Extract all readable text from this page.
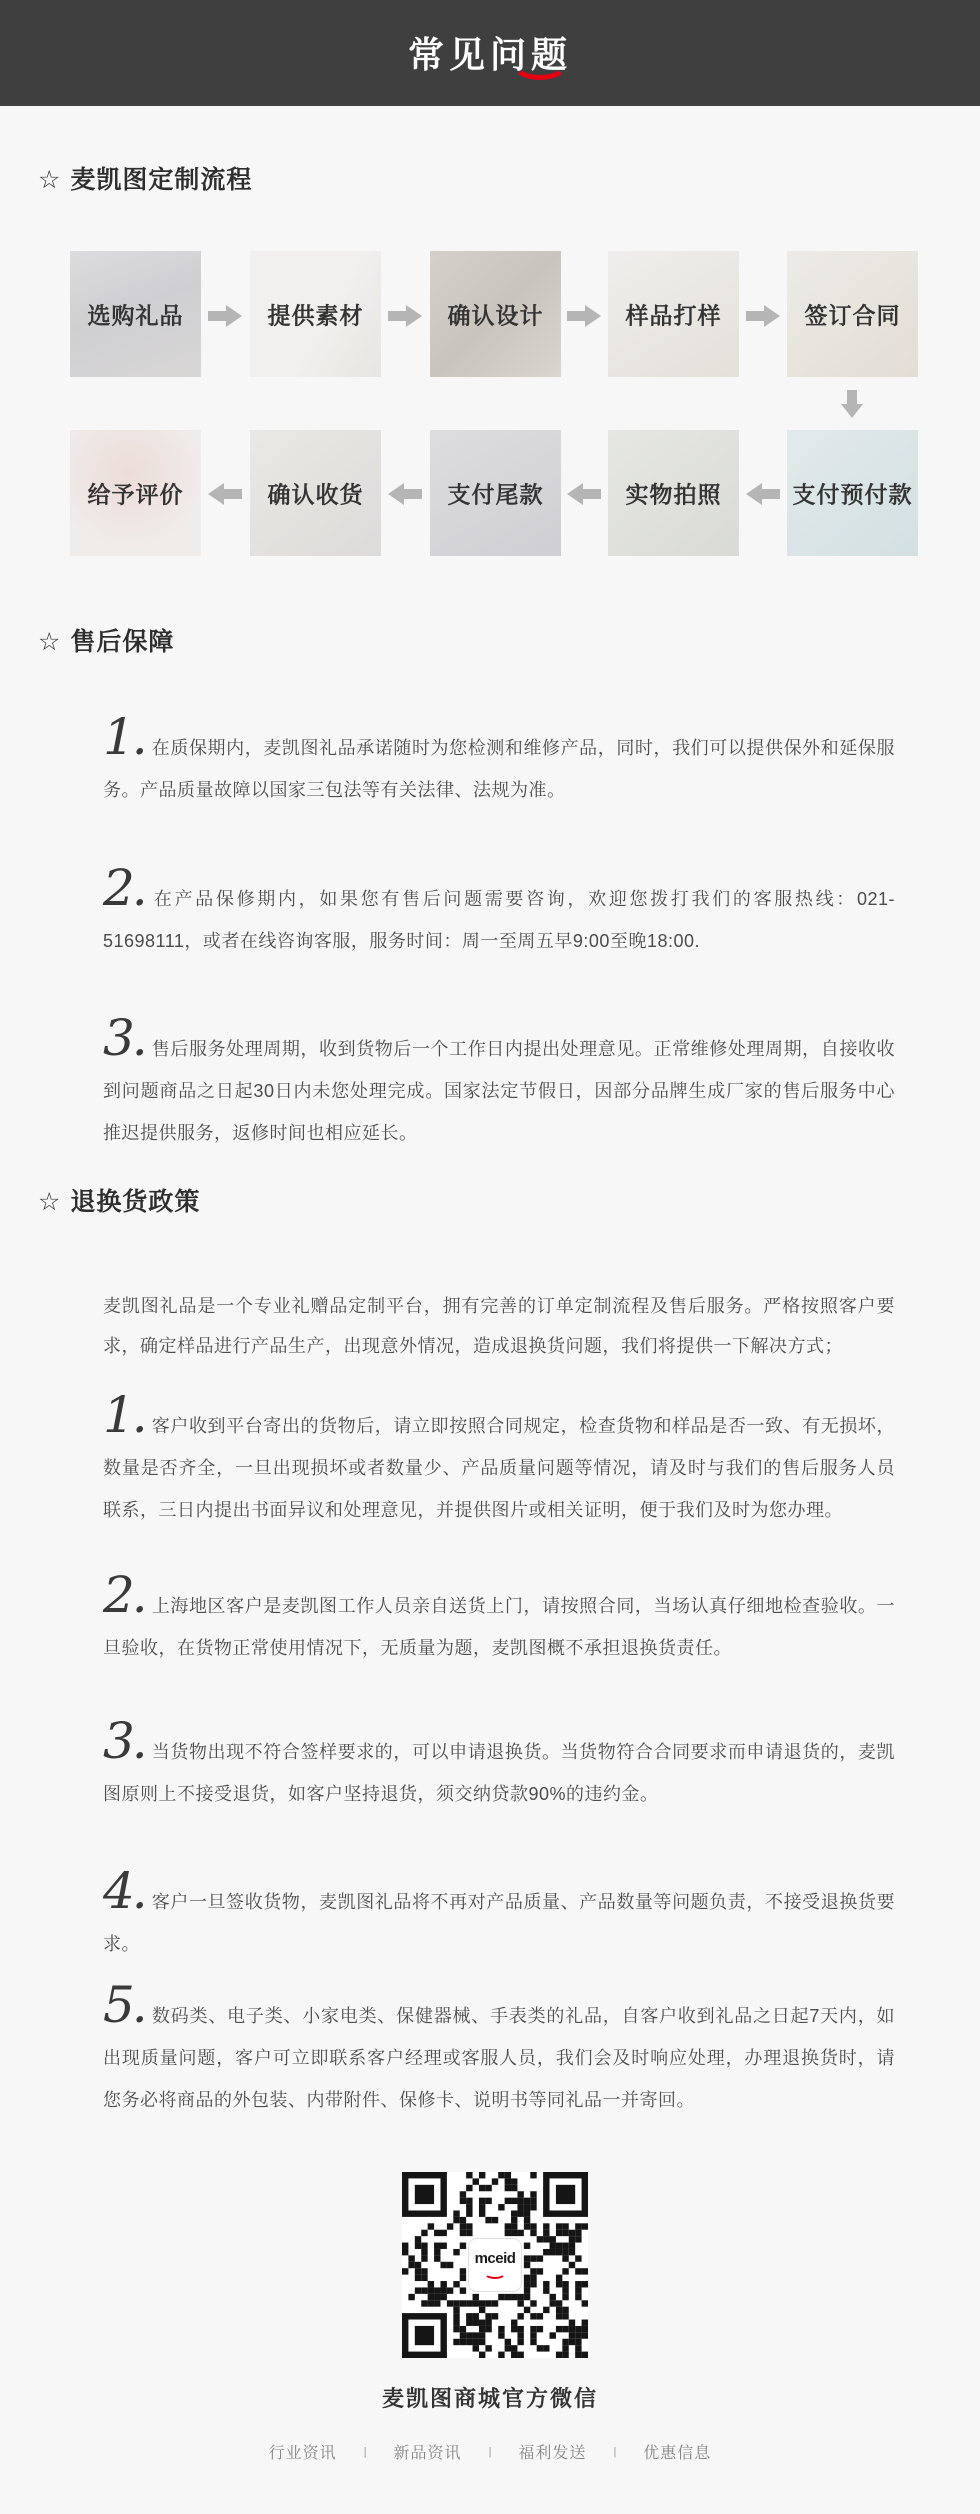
常见问题
☆ 麦凯图定制流程
选购礼品	提供素材	确认设计	样品打样	签订合同
给予评价	确认收货	支付尾款	实物拍照	支付预付款
☆ 售后保障

1. 在质保期内，麦凯图礼品承诺随时为您检测和维修产品，同时，我们可以提供保外和延保服务。产品质量故障以国家三包法等有关法律、法规为准。

2. 在产品保修期内，如果您有售后问题需要咨询，欢迎您拨打我们的客服热线：021-51698111，或者在线咨询客服，服务时间：周一至周五早9:00至晚18:00.

3. 售后服务处理周期，收到货物后一个工作日内提出处理意见。正常维修处理周期，自接收收到问题商品之日起30日内未您处理完成。国家法定节假日，因部分品牌生成厂家的售后服务中心推迟提供服务，返修时间也相应延长。

☆ 退换货政策

麦凯图礼品是一个专业礼赠品定制平台，拥有完善的订单定制流程及售后服务。严格按照客户要求，确定样品进行产品生产，出现意外情况，造成退换货问题，我们将提供一下解决方式；

1. 客户收到平台寄出的货物后，请立即按照合同规定，检查货物和样品是否一致、有无损坏，数量是否齐全，一旦出现损坏或者数量少、产品质量问题等情况，请及时与我们的售后服务人员联系，三日内提出书面异议和处理意见，并提供图片或相关证明，便于我们及时为您办理。

2. 上海地区客户是麦凯图工作人员亲自送货上门，请按照合同，当场认真仔细地检查验收。一旦验收，在货物正常使用情况下，无质量为题，麦凯图概不承担退换货责任。

3. 当货物出现不符合签样要求的，可以申请退换货。当货物符合合同要求而申请退货的，麦凯图原则上不接受退货，如客户坚持退货，须交纳贷款90%的违约金。

4. 客户一旦签收货物，麦凯图礼品将不再对产品质量、产品数量等问题负责，不接受退换货要求。

5. 数码类、电子类、小家电类、保健器械、手表类的礼品，自客户收到礼品之日起7天内，如出现质量问题，客户可立即联系客户经理或客服人员，我们会及时响应处理，办理退换货时，请您务必将商品的外包装、内带附件、保修卡、说明书等同礼品一并寄回。

mceid
麦凯图商城官方微信
行业资讯 | 新品资讯 | 福利发送 | 优惠信息
